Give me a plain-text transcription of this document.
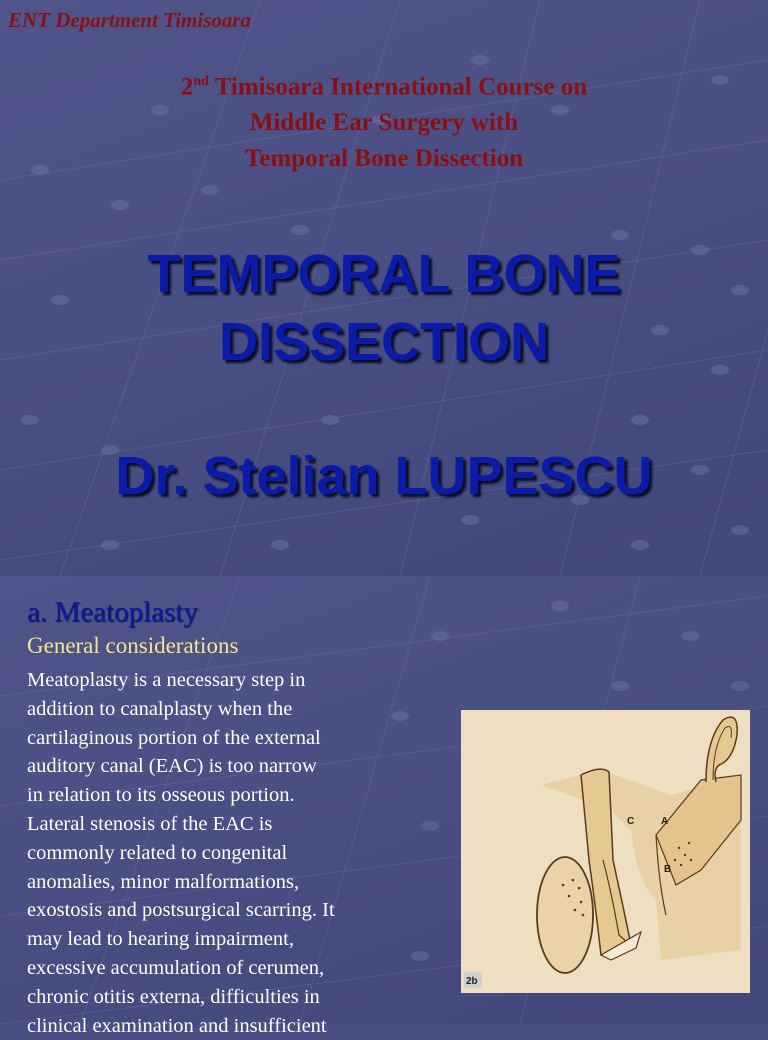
ENT Department Timisoara
2nd Timisoara International Course on
Middle Ear Surgery with
Temporal Bone Dissection
TEMPORAL BONE
DISSECTION
Dr. Stelian LUPESCU
a. Meatoplasty
General considerations
Meatoplasty is a necessary step in
addition to canalplasty when the
cartilaginous portion of the external
auditory canal (EAC) is too narrow
in relation to its osseous portion.
Lateral stenosis of the EAC is
commonly related to congenital
anomalies, minor malformations,
exostosis and postsurgical scarring. It
may lead to hearing impairment,
excessive accumulation of cerumen,
chronic otitis externa, difficulties in
clinical examination and insufficient
C	A
B
2b
